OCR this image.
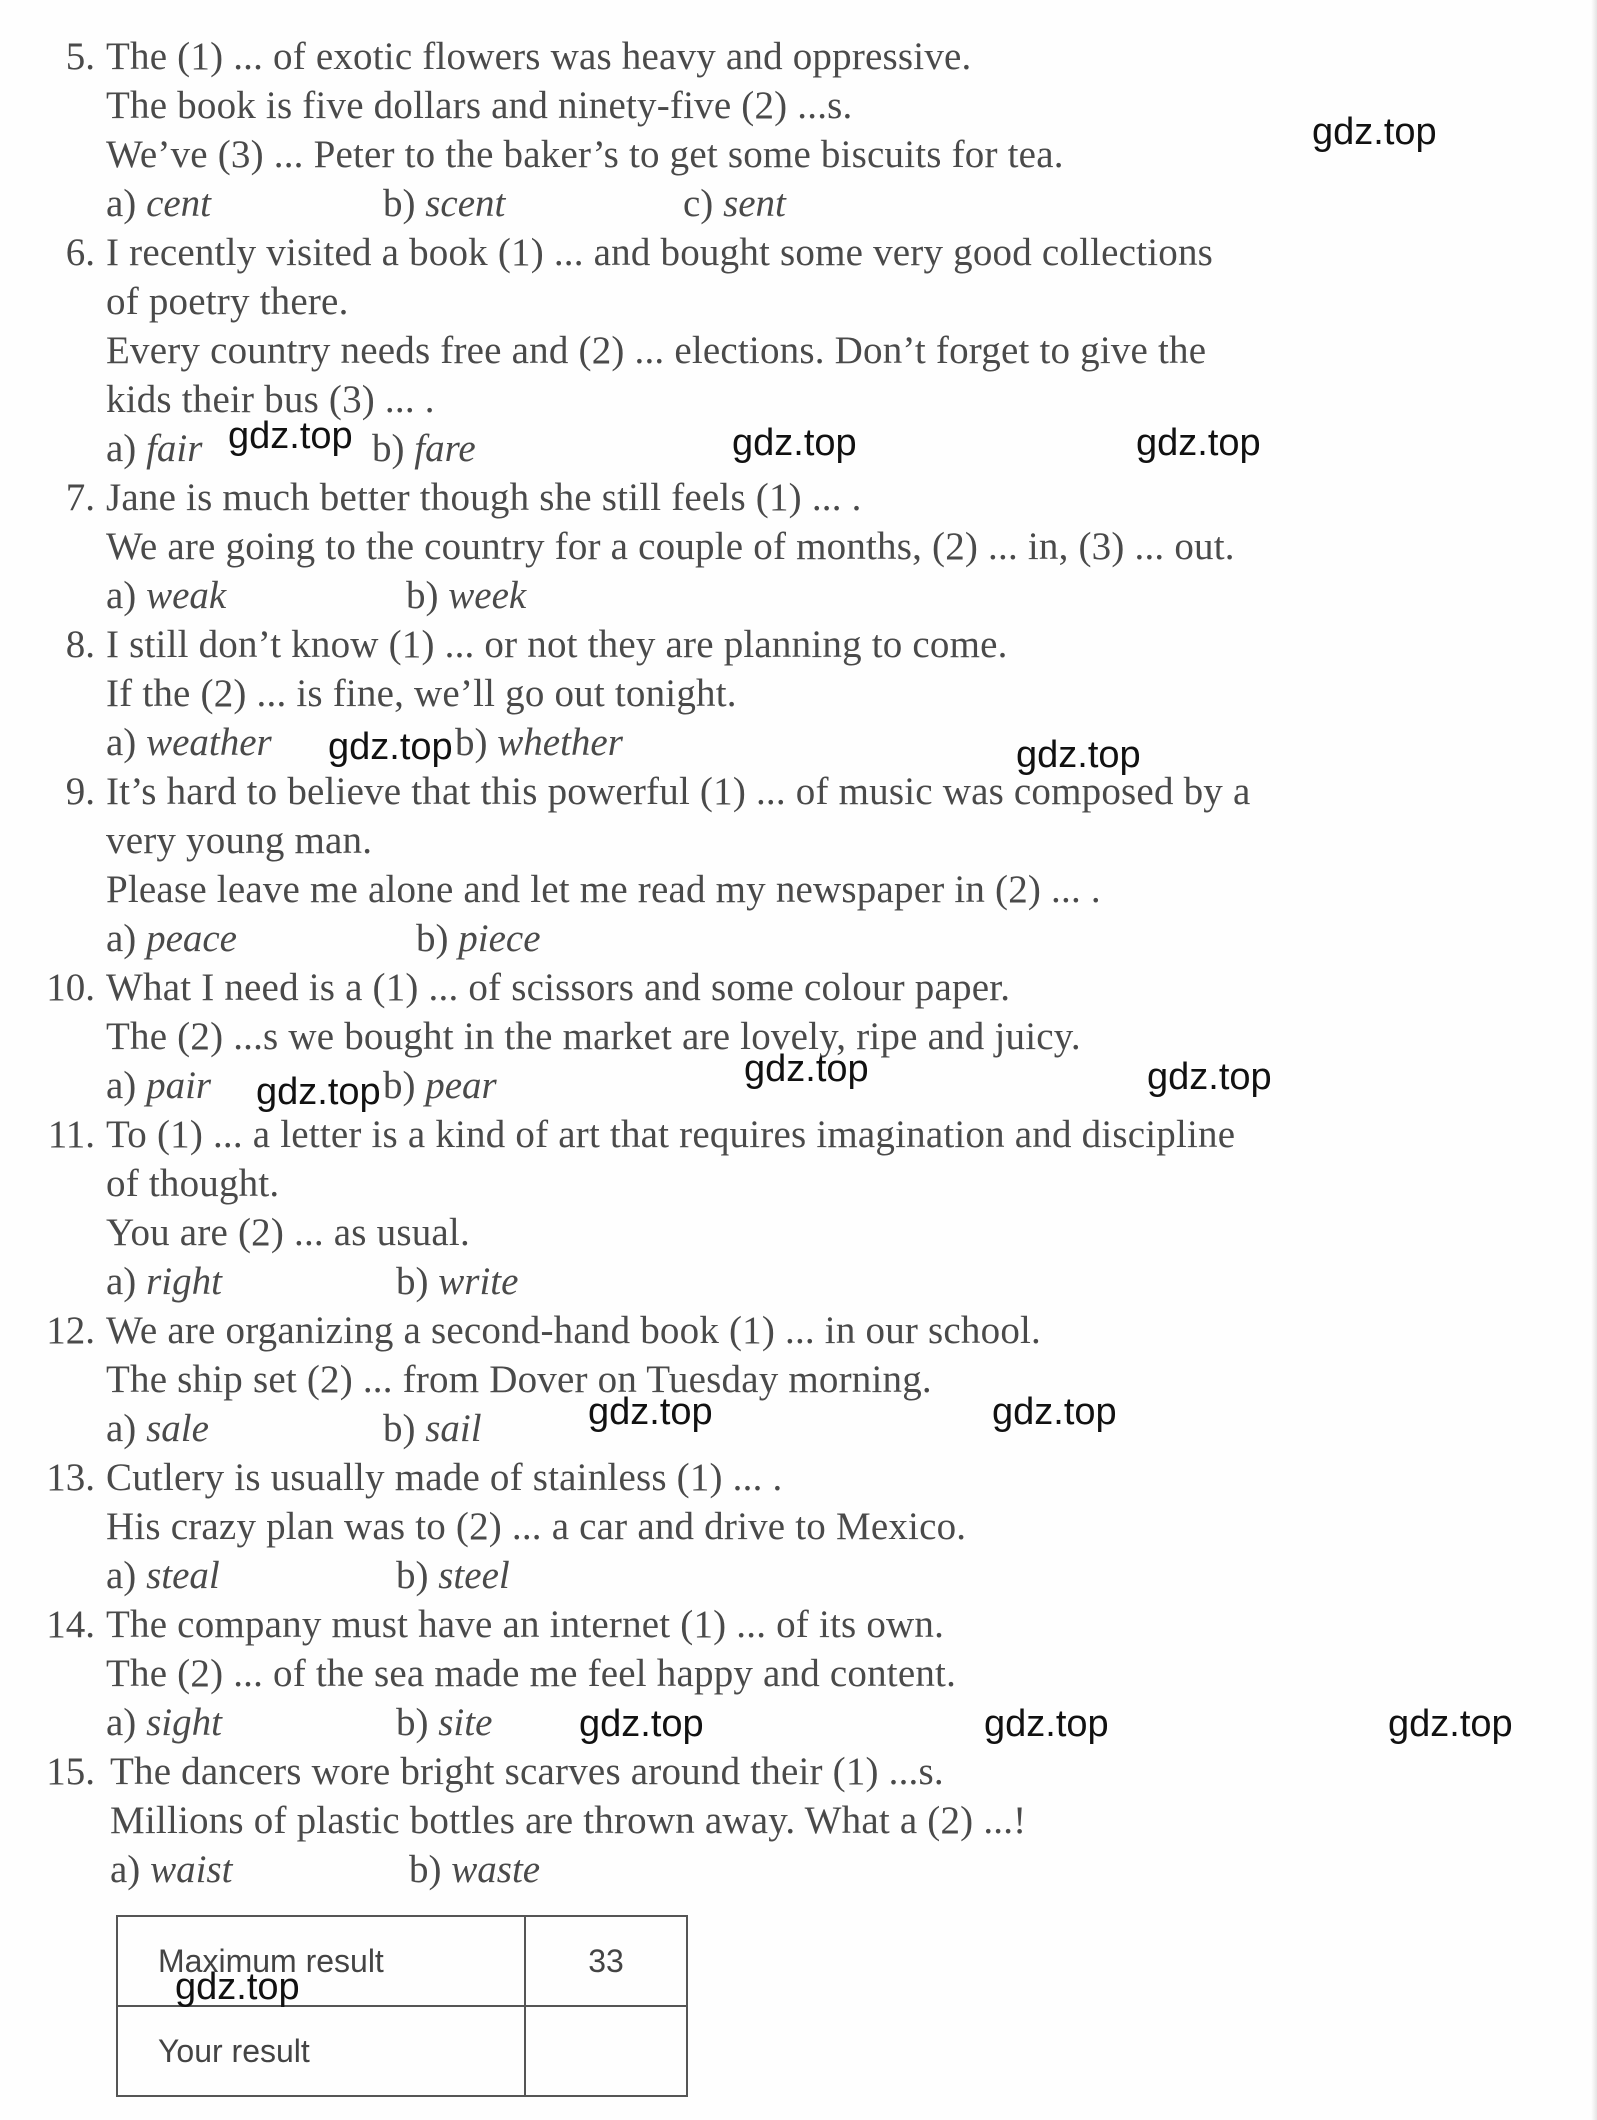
5. The (1) ... of exotic flowers was heavy and oppressive.
The book is five dollars and ninety-five (2) ...s.
We’ve (3) ... Peter to the baker’s to get some biscuits for tea.
a) cent	b) scent	c) sent
6. I recently visited a book (1) ... and bought some very good collections
of poetry there.
Every country needs free and (2) ... elections. Don’t forget to give the
kids their bus (3) ... .
a) fair	b) fare
7. Jane is much better though she still feels (1) ... .
We are going to the country for a couple of months, (2) ... in, (3) ... out.
a) weak	b) week
8. I still don’t know (1) ... or not they are planning to come.
If the (2) ... is fine, we’ll go out tonight.
a) weather	b) whether
9. It’s hard to believe that this powerful (1) ... of music was composed by a
very young man.
Please leave me alone and let me read my newspaper in (2) ... .
a) peace	b) piece
10. What I need is a (1) ... of scissors and some colour paper.
The (2) ...s we bought in the market are lovely, ripe and juicy.
a) pair	b) pear
11. To (1) ... a letter is a kind of art that requires imagination and discipline
of thought.
You are (2) ... as usual.
a) right	b) write
12. We are organizing a second-hand book (1) ... in our school.
The ship set (2) ... from Dover on Tuesday morning.
a) sale	b) sail
13. Cutlery is usually made of stainless (1) ... .
His crazy plan was to (2) ... a car and drive to Mexico.
a) steal	b) steel
14. The company must have an internet (1) ... of its own.
The (2) ... of the sea made me feel happy and content.
a) sight	b) site
15. The dancers wore bright scarves around their (1) ...s.
Millions of plastic bottles are thrown away. What a (2) ...!
a) waist	b) waste
Maximum result	33
Your result	
gdz.top
gdz.top	gdz.top	gdz.top
gdz.top	gdz.top
gdz.top
gdz.top	gdz.top
gdz.top	gdz.top
gdz.top	gdz.top	gdz.top
gdz.top
